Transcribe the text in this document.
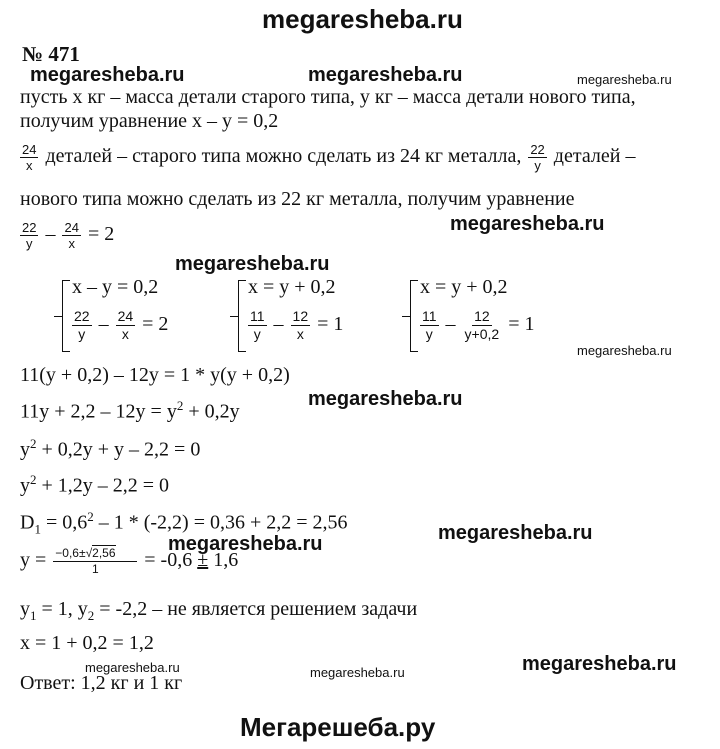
megaresheba.ru
№ 471
megaresheba.ru	megaresheba.ru	megaresheba.ru
megaresheba.ru
megaresheba.ru
megaresheba.ru
megaresheba.ru
megaresheba.ru
megaresheba.ru
megaresheba.ru
megaresheba.ru	megaresheba.ru
пусть x кг – масса детали старого типа, y кг – масса детали нового типа,
получим уравнение x – y = 0,2
$\frac{24}{x}$ деталей – старого типа можно сделать из 24 кг металла, $\frac{22}{y}$ деталей –
нового типа можно сделать из 22 кг металла, получим уравнение
$\frac{22}{y} - \frac{24}{x} = 2$
x – y = 0,2
$\frac{22}{y} - \frac{24}{x} = 2$
x = y + 0,2
$\frac{11}{y} - \frac{12}{x} = 1$
x = y + 0,2
$\frac{11}{y} - \frac{12}{y+0,2} = 1$
11(y + 0,2) – 12y = 1 * y(y + 0,2)
$11y + 2,2 - 12y = y^2 + 0,2y$
$y^2 + 0,2y + y - 2,2 = 0$
$y^2 + 1,2y - 2,2 = 0$
$D_1 = 0,6^2 - 1 * (-2,2) = 0,36 + 2,2 = 2,56$
$y = \frac{-0,6\pm√2,56}{1} = -0,6 \pm 1,6$
$y_1 = 1$, $y_2 = -2,2$ – не является решением задачи
x = 1 + 0,2 = 1,2
Ответ: 1,2 кг и 1 кг
Мегарешеба.ру
